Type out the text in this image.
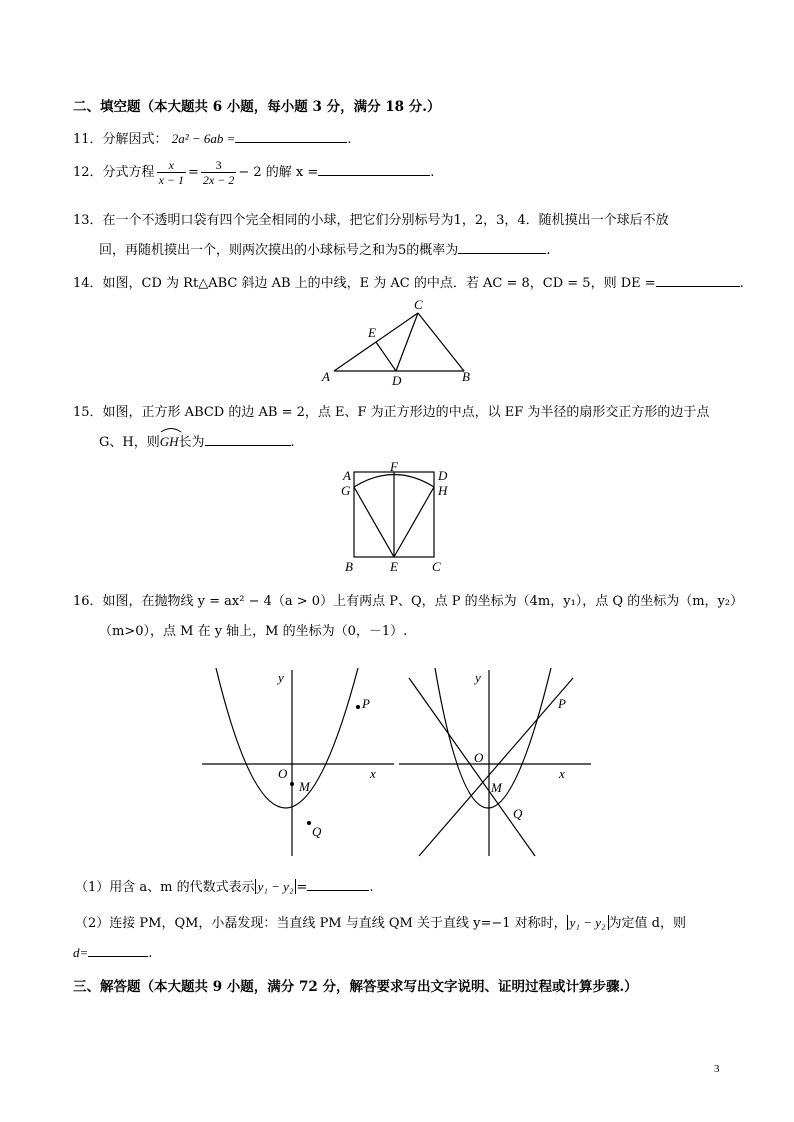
二、填空题（本大题共 6 小题，每小题 3 分，满分 18 分.）
11．分解因式： 2a² − 6ab =	.
12．分式方程 $\frac{x}{x - 1} = \frac{3}{2x - 2} - 2$ 的解 x =	.
13．在一个不透明口袋有四个完全相同的小球，把它们分别标号为1，2，3，4．随机摸出一个球后不放
回，再随机摸出一个，则两次摸出的小球标号之和为5的概率为	.
14．如图，CD 为 Rt△ABC 斜边 AB 上的中线，E 为 AC 的中点．若 AC = 8，CD = 5，则 DE =	.
A	B
C
D
E
15．如图，正方形 ABCD 的边 AB = 2，点 E、F 为正方形边的中点，以 EF 为半径的扇形交正方形的边于点
G、H，则
GH长为	.
A
F
D
G	H
B	E	C
16．如图，在抛物线 y = ax² − 4（a > 0）上有两点 P、Q，点 P 的坐标为（4m，y₁），点 Q 的坐标为（m，y₂）
（m>0），点 M 在 y 轴上，M 的坐标为（0，－1）.
y
x
O
M
P
Q
y
x
O
M
P
Q
（1）用含 a、m 的代数式表示 y₁ − y₂ =	.
（2）连接 PM，QM，小磊发现：当直线 PM 与直线 QM 关于直线 y=−1 对称时， y₁ − y₂ 为定值 d，则
d=	.
三、解答题（本大题共 9 小题，满分 72 分，解答要求写出文字说明、证明过程或计算步骤.）
3
